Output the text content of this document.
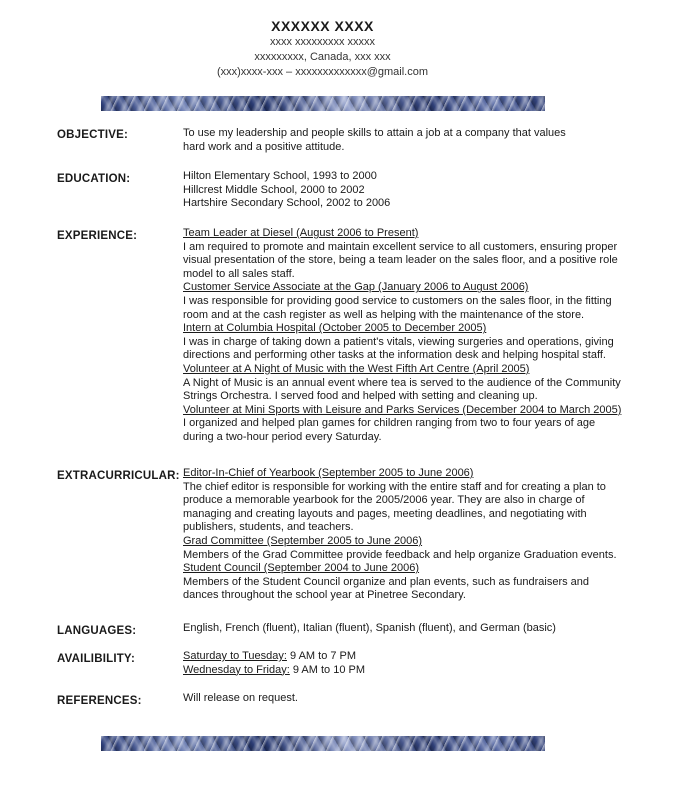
XXXXXX XXXX
xxxx xxxxxxxxx xxxxx
xxxxxxxxx, Canada, xxx xxx
(xxx)xxxx-xxx – xxxxxxxxxxxxx@gmail.com
OBJECTIVE:	To use my leadership and people skills to attain a job at a company that values
hard work and a positive attitude.
EDUCATION:	Hilton Elementary School, 1993 to 2000
Hillcrest Middle School, 2000 to 2002
Hartshire Secondary School, 2002 to 2006
EXPERIENCE:	Team Leader at Diesel (August 2006 to Present)
I am required to promote and maintain excellent service to all customers, ensuring proper
visual presentation of the store, being a team leader on the sales floor, and a positive role
model to all sales staff.
Customer Service Associate at the Gap (January 2006 to August 2006)
I was responsible for providing good service to customers on the sales floor, in the fitting
room and at the cash register as well as helping with the maintenance of the store.
Intern at Columbia Hospital (October 2005 to December 2005)
I was in charge of taking down a patient's vitals, viewing surgeries and operations, giving
directions and performing other tasks at the information desk and helping hospital staff.
Volunteer at A Night of Music with the West Fifth Art Centre (April 2005)
A Night of Music is an annual event where tea is served to the audience of the Community
Strings Orchestra. I served food and helped with setting and cleaning up.
Volunteer at Mini Sports with Leisure and Parks Services (December 2004 to March 2005)
I organized and helped plan games for children ranging from two to four years of age
during a two-hour period every Saturday.
EXTRACURRICULAR: Editor-In-Chief of Yearbook (September 2005 to June 2006)
The chief editor is responsible for working with the entire staff and for creating a plan to
produce a memorable yearbook for the 2005/2006 year. They are also in charge of
managing and creating layouts and pages, meeting deadlines, and negotiating with
publishers, students, and teachers.
Grad Committee (September 2005 to June 2006)
Members of the Grad Committee provide feedback and help organize Graduation events.
Student Council (September 2004 to June 2006)
Members of the Student Council organize and plan events, such as fundraisers and
dances throughout the school year at Pinetree Secondary.
LANGUAGES:	English, French (fluent), Italian (fluent), Spanish (fluent), and German (basic)
AVAILIBILITY:	Saturday to Tuesday: 9 AM to 7 PM
Wednesday to Friday: 9 AM to 10 PM
REFERENCES:	Will release on request.
